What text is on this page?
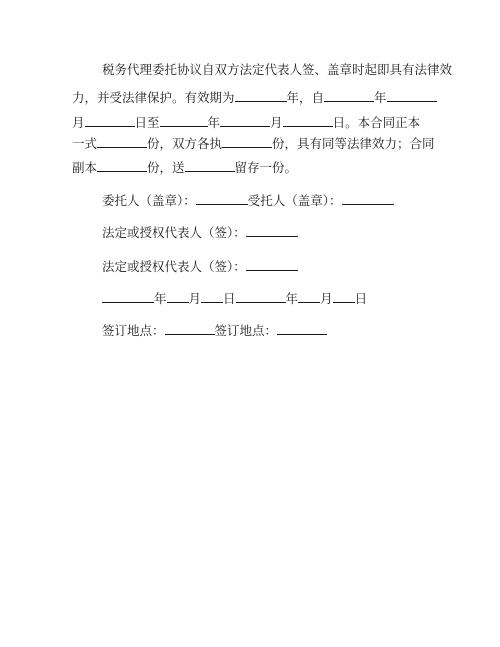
税务代理委托协议自双方法定代表人签、盖章时起即具有法律效
力，并受法律保护。有效期为	年，自	年
月	日至	年	月	日。本合同正本
一式	份，双方各执	份，具有同等法律效力；合同
副本	份，送	留存一份。
委托人（盖章）：	受托人（盖章）：
法定或授权代表人（签）：
法定或授权代表人（签）：
年 月 日	年 月 日
签订地点：	签订地点：
